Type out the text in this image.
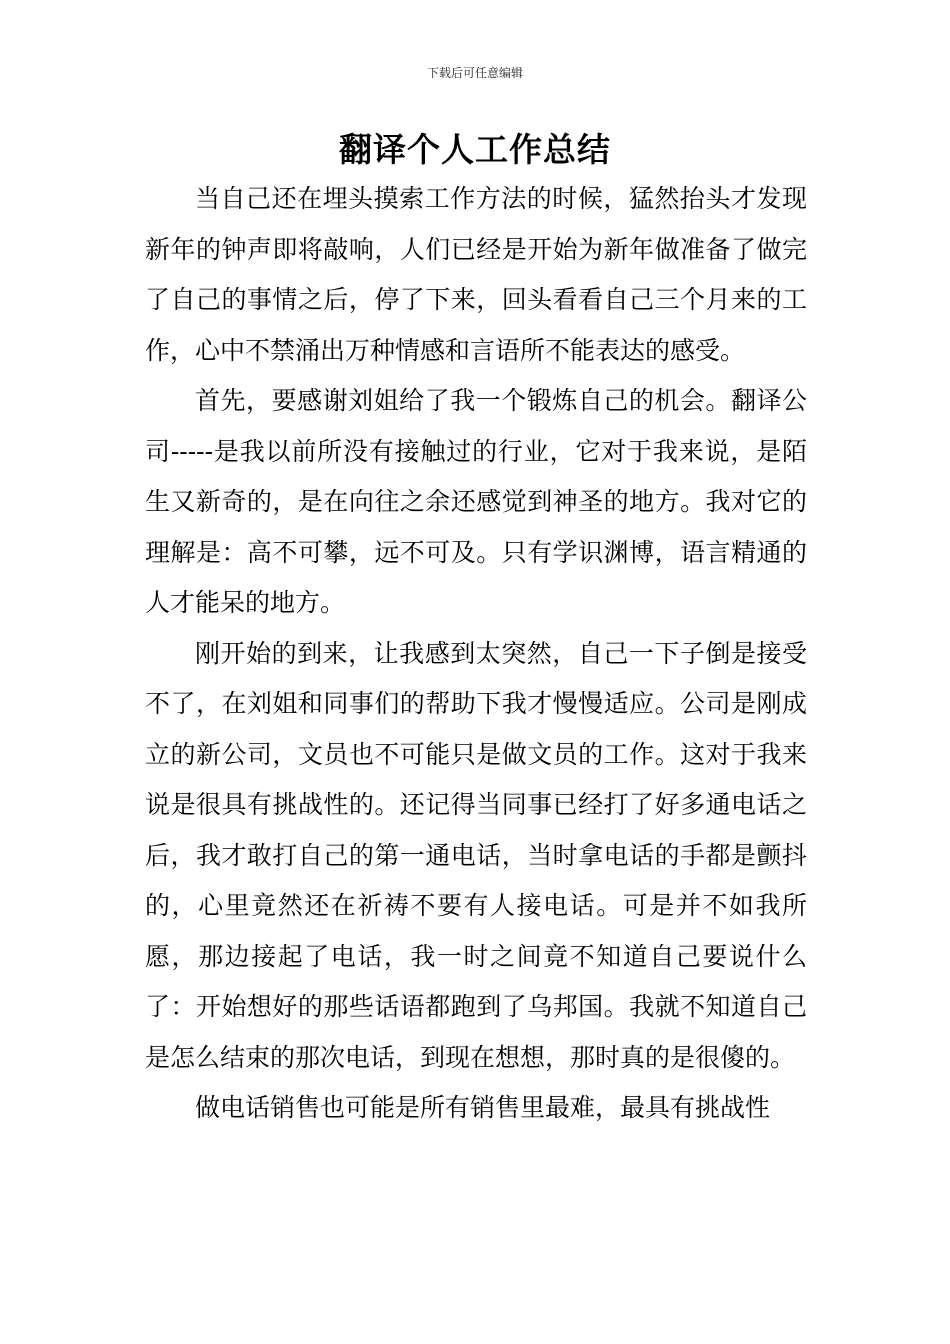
下载后可任意编辑
翻译个人工作总结

当自己还在埋头摸索工作方法的时候，猛然抬头才发现新年的钟声即将敲响，人们已经是开始为新年做准备了做完了自己的事情之后，停了下来，回头看看自己三个月来的工作，心中不禁涌出万种情感和言语所不能表达的感受。

首先，要感谢刘姐给了我一个锻炼自己的机会。翻译公司-----是我以前所没有接触过的行业，它对于我来说，是陌生又新奇的，是在向往之余还感觉到神圣的地方。我对它的理解是：高不可攀，远不可及。只有学识渊博，语言精通的人才能呆的地方。

刚开始的到来，让我感到太突然，自己一下子倒是接受不了，在刘姐和同事们的帮助下我才慢慢适应。公司是刚成立的新公司，文员也不可能只是做文员的工作。这对于我来说是很具有挑战性的。还记得当同事已经打了好多通电话之后，我才敢打自己的第一通电话，当时拿电话的手都是颤抖的，心里竟然还在祈祷不要有人接电话。可是并不如我所愿，那边接起了电话，我一时之间竟不知道自己要说什么了：开始想好的那些话语都跑到了乌邦国。我就不知道自己是怎么结束的那次电话，到现在想想，那时真的是很傻的。

做电话销售也可能是所有销售里最难，最具有挑战性
